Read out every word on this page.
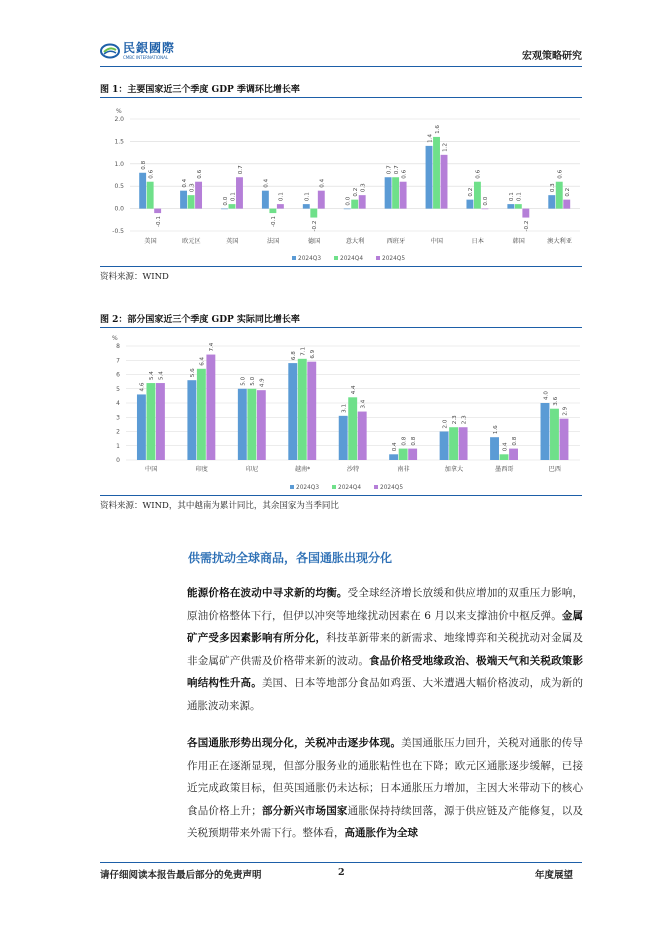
民銀國際
CMBC INTERNATIONAL	宏观策略研究
图 1：主要国家近三个季度 GDP 季调环比增长率
%
2.0
1.5
1.0
0.5
0.0
-0.5
0.8
0.6
-0.1
美国
0.4
0.3
0.6
欧元区
0.0
0.1
0.7
英国
0.4
-0.1
0.1
法国
0.1
-0.2
0.4
德国
0.0
0.2
0.3
意大利
0.7 0.7
0.6
西班牙
1.4
1.6
1.2
中国
0.2
0.6
0.0
日本
0.1 0.1
-0.2
韩国
0.3
0.6
0.2
澳大利亚
2024Q3	2024Q4	2024Q5
资料来源：WIND
图 2：部分国家近三个季度 GDP 实际同比增长率
%
8
7
6
5
4
3
2
1
0
4.6
5.4 5.4
中国
5.6
6.4
7.4
印度
5.0 5.0 4.9
印尼
6.8 7.1 6.9
越南*
3.1
4.4
3.4
沙特
0.4
0.8 0.8
南非
2.0 2.3 2.3
加拿大
1.6
0.4
0.8
墨西哥
4.0
3.6
2.9
巴西
2024Q3	2024Q4	2024Q5
资料来源：WIND，其中越南为累计同比，其余国家为当季同比
供需扰动全球商品，各国通胀出现分化
能源价格在波动中寻求新的均衡。受全球经济增长放缓和供应增加的双重压力影响，原油价格整体下行，但伊以冲突等地缘扰动因素在 6 月以来支撑油价中枢反弹。金属矿产受多因素影响有所分化，科技革新带来的新需求、地缘博弈和关税扰动对金属及非金属矿产供需及价格带来新的波动。食品价格受地缘政治、极端天气和关税政策影响结构性升高。美国、日本等地部分食品如鸡蛋、大米遭遇大幅价格波动，成为新的通胀波动来源。
各国通胀形势出现分化，关税冲击逐步体现。美国通胀压力回升，关税对通胀的传导作用正在逐渐显现，但部分服务业的通胀粘性也在下降；欧元区通胀逐步缓解，已接近完成政策目标，但英国通胀仍未达标；日本通胀压力增加，主因大米带动下的核心食品价格上升；部分新兴市场国家通胀保持持续回落，源于供应链及产能修复，以及关税预期带来外需下行。整体看，高通胀作为全球
请仔细阅读本报告最后部分的免责声明	2	年度展望
